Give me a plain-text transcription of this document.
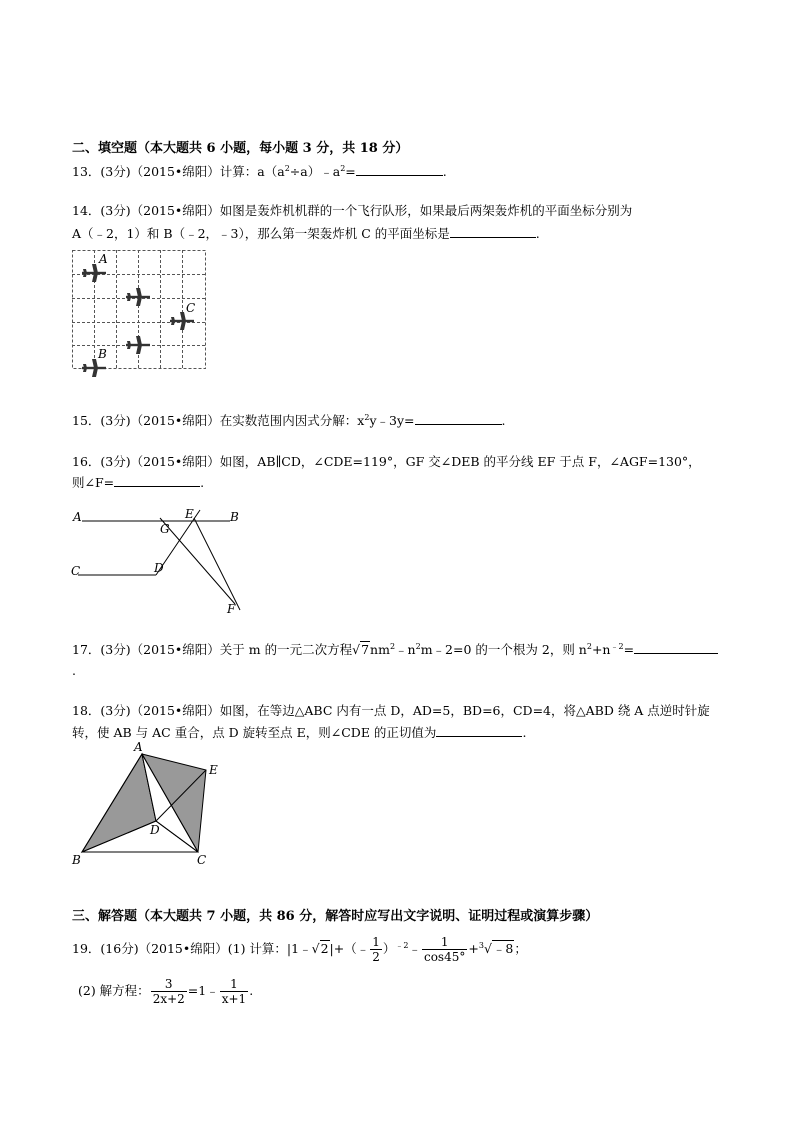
二、填空题（本大题共 6 小题，每小题 3 分，共 18 分）
13．(3分)（2015•绵阳）计算：$a(a^2\div a)﹣a^2=$	.
14．(3分)（2015•绵阳）如图是轰炸机机群的一个飞行队形，如果最后两架轰炸机的平面坐标分别为
A（﹣2，1）和 B（﹣2，﹣3），那么第一架轰炸机 C 的平面坐标是	.
A
B
C
15．(3分)（2015•绵阳）在实数范围内因式分解：$x^2y﹣3y=$	.
16．(3分)（2015•绵阳）如图，AB∥CD，∠CDE=119°，GF 交∠DEB 的平分线 EF 于点 F，∠AGF=130°，
则∠F=	.
A	B
C	D
E
F
G
17．(3分)（2015•绵阳）关于 m 的一元二次方程$√7nm^2﹣n^2m﹣2=0$ 的一个根为 2，则 $n^2+n^{﹣2}=$
.
18．(3分)（2015•绵阳）如图，在等边△ABC 内有一点 D，AD=5，BD=6，CD=4，将△ABD 绕 A 点逆时针旋
转，使 AB 与 AC 重合，点 D 旋转至点 E，则∠CDE 的正切值为	.
A
B	C
D
E
三、解答题（本大题共 7 小题，共 86 分，解答时应写出文字说明、证明过程或演算步骤）
19．(16分)（2015•绵阳）(1) 计算：|1﹣√2|+（﹣ $\frac{1}{2}$ ）$^{﹣2}$﹣ $\frac{1}{\cos 45^\circ}$ +$^3$√﹣8；
(2) 解方程： $\frac{3}{2x+2}$ =1﹣ $\frac{1}{x+1}$ .
